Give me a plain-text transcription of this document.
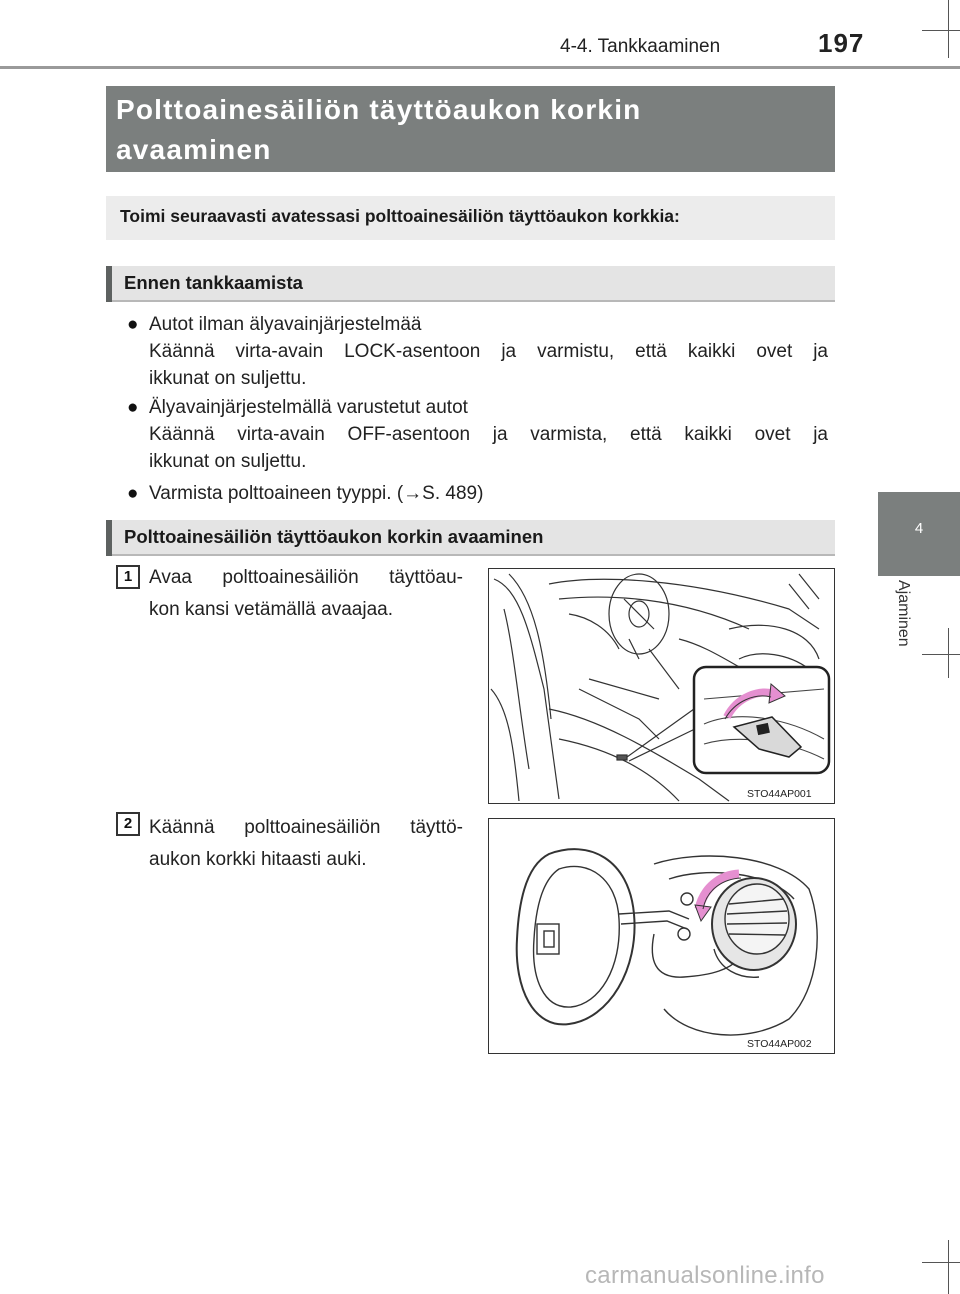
4-4. Tankkaaminen	197
4
Ajaminen
Polttoainesäiliön täyttöaukon korkin
avaaminen
Toimi seuraavasti avatessasi polttoainesäiliön täyttöaukon korkkia:
Ennen tankkaamista
● Autot ilman älyavainjärjestelmää
Käännä virta-avain LOCK-asentoon ja varmistu, että kaikki ovet ja
ikkunat on suljettu.
● Älyavainjärjestelmällä varustetut autot
Käännä virta-avain OFF-asentoon ja varmista, että kaikki ovet ja
ikkunat on suljettu.
● Varmista polttoaineen tyyppi. (→S. 489)
Polttoainesäiliön täyttöaukon korkin avaaminen
1 Avaa polttoainesäiliön täyttöau-
kon kansi vetämällä avaajaa.
STO44AP001
2 Käännä polttoainesäiliön täyttö-
aukon korkki hitaasti auki.
STO44AP002
carmanualsonline.info
